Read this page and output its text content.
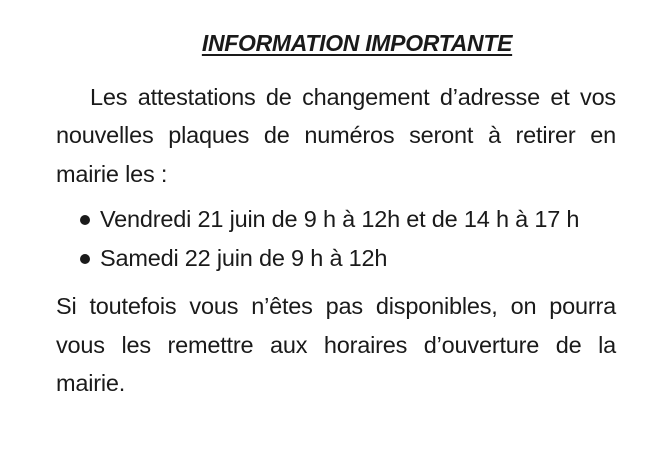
INFORMATION IMPORTANTE

Les attestations de changement d’adresse et vos nouvelles plaques de numéros seront à retirer en mairie les :

Vendredi 21 juin de 9 h à 12h et de 14 h à 17 h
Samedi 22 juin de 9 h à 12h

Si toutefois vous n’êtes pas disponibles, on pourra vous les remettre aux horaires d’ouverture de la mairie.
